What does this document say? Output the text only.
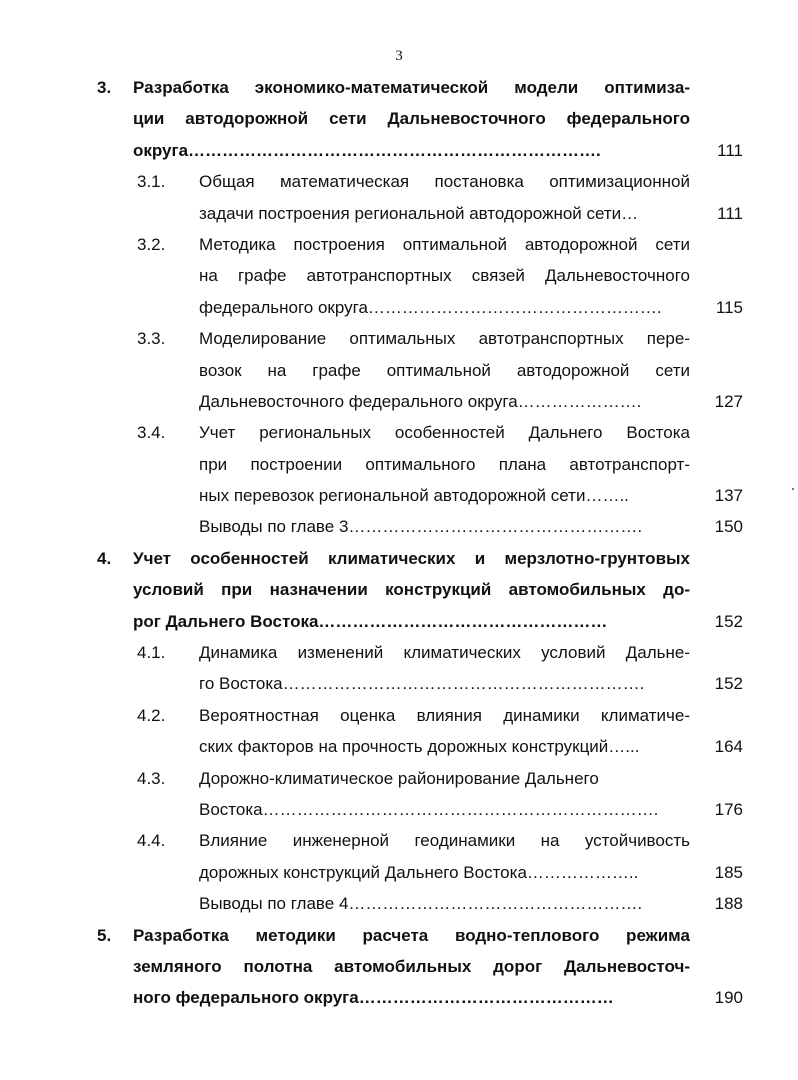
3
3. Разработка экономико-математической модели оптимиза-
ции автодорожной сети Дальневосточного федерального
округа……………………………………………………………….	111
3.1. Общая математическая постановка оптимизационной
задачи построения региональной автодорожной сети…	111
3.2. Методика построения оптимальной автодорожной сети
на графе автотранспортных связей Дальневосточного
федерального округа…………………………………………….	115
3.3. Моделирование оптимальных автотранспортных пере-
возок на графе оптимальной автодорожной сети
Дальневосточного федерального округа………………….	127
3.4. Учет региональных особенностей Дальнего Востока
при построении оптимального плана автотранспорт-
ных перевозок региональной автодорожной сети……..	137
Выводы по главе 3…………………………………………….	150
4. Учет особенностей климатических и мерзлотно-грунтовых
условий при назначении конструкций автомобильных до-
рог Дальнего Востока……………………………………………	152
4.1. Динамика изменений климатических условий Дальне-
го Востока……………………………………………………….	152
4.2. Вероятностная оценка влияния динамики климатиче-
ских факторов на прочность дорожных конструкций…...	164
4.3. Дорожно-климатическое районирование Дальнего
Востока…………………………………………………………….	176
4.4. Влияние инженерной геодинамики на устойчивость
дорожных конструкций Дальнего Востока………………..	185
Выводы по главе 4…………………………………………….	188
5. Разработка методики расчета водно-теплового режима
земляного полотна автомобильных дорог Дальневосточ-
ного федерального округа………………………………………	190
